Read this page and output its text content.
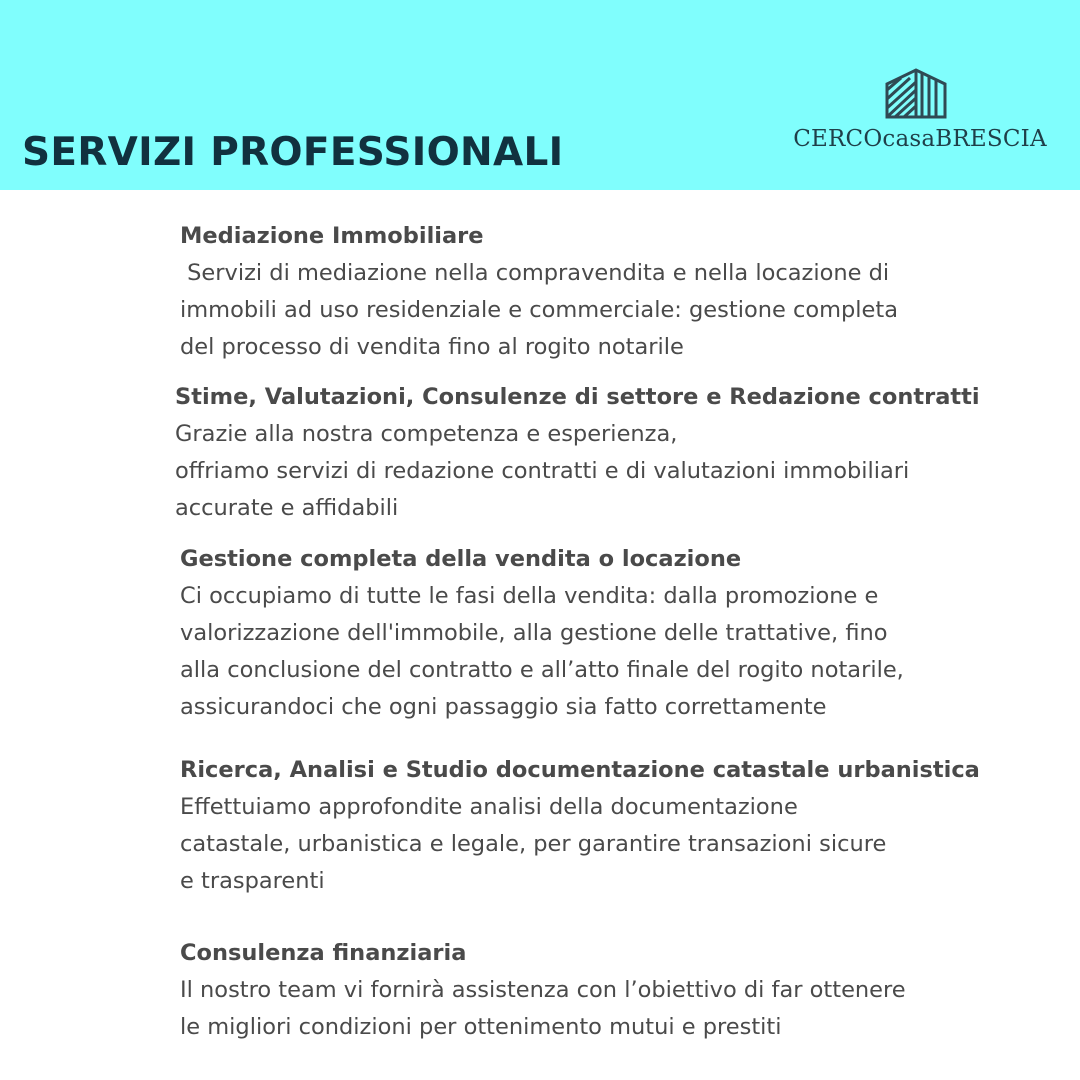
SERVIZI PROFESSIONALI	CERCOcasaBRESCIA
Mediazione Immobiliare

Servizi di mediazione nella compravendita e nella locazione di
immobili ad uso residenziale e commerciale: gestione completa
del processo di vendita fino al rogito notarile

Stime, Valutazioni, Consulenze di settore e Redazione contratti

Grazie alla nostra competenza e esperienza,
offriamo servizi di redazione contratti e di valutazioni immobiliari
accurate e affidabili

Gestione completa della vendita o locazione

Ci occupiamo di tutte le fasi della vendita: dalla promozione e
valorizzazione dell'immobile, alla gestione delle trattative, fino
alla conclusione del contratto e all’atto finale del rogito notarile,
assicurandoci che ogni passaggio sia fatto correttamente

Ricerca, Analisi e Studio documentazione catastale urbanistica

Effettuiamo approfondite analisi della documentazione
catastale, urbanistica e legale, per garantire transazioni sicure
e trasparenti

Consulenza finanziaria

Il nostro team vi fornirà assistenza con l’obiettivo di far ottenere
le migliori condizioni per ottenimento mutui e prestiti
